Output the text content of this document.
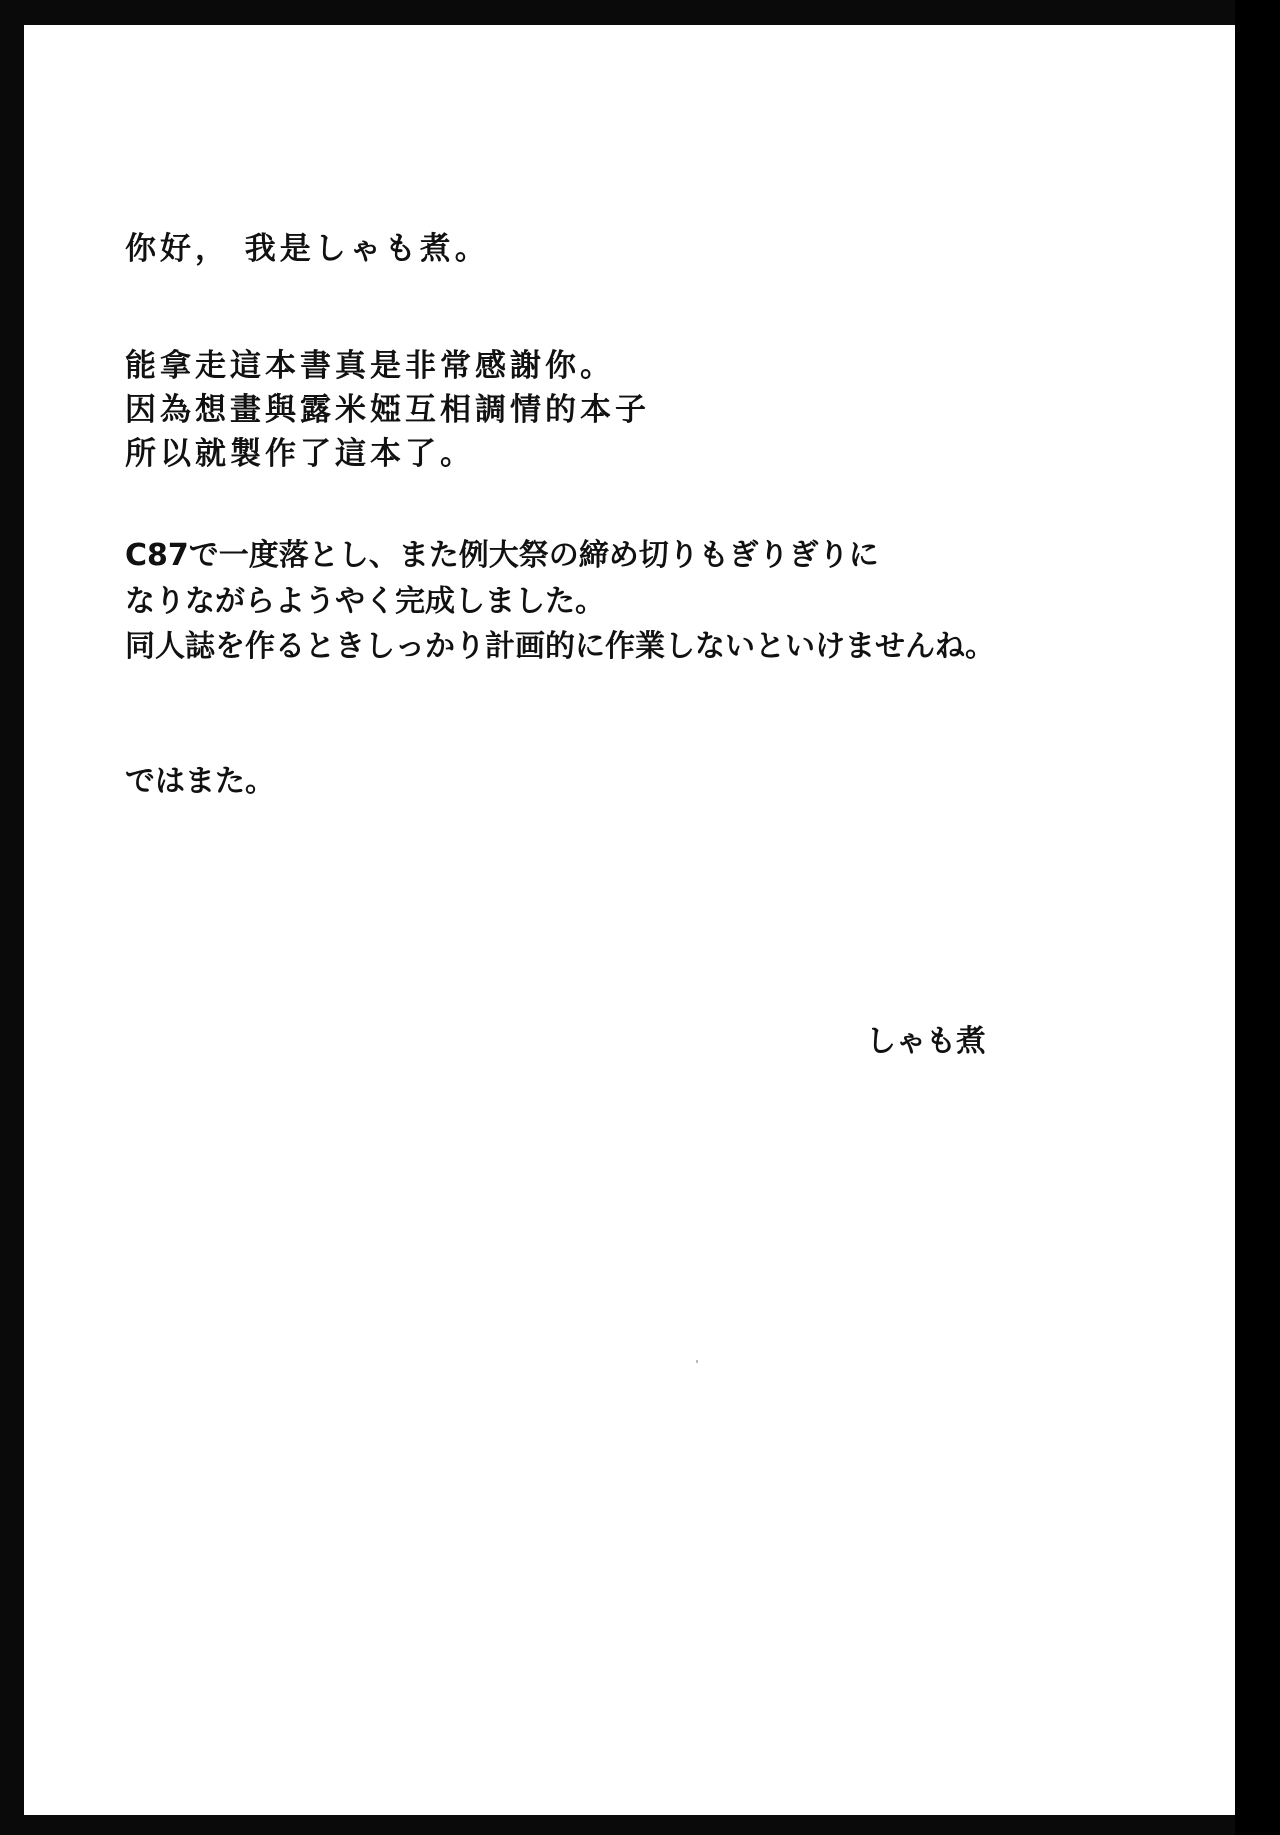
你好， 我是しゃも煮。

能拿走這本書真是非常感謝你。

因為想畫與露米婭互相調情的本子

所以就製作了這本了。

C87で一度落とし、また例大祭の締め切りもぎりぎりに

なりながらようやく完成しました。

同人誌を作るときしっかり計画的に作業しないといけませんね。

ではまた。

しゃも煮
